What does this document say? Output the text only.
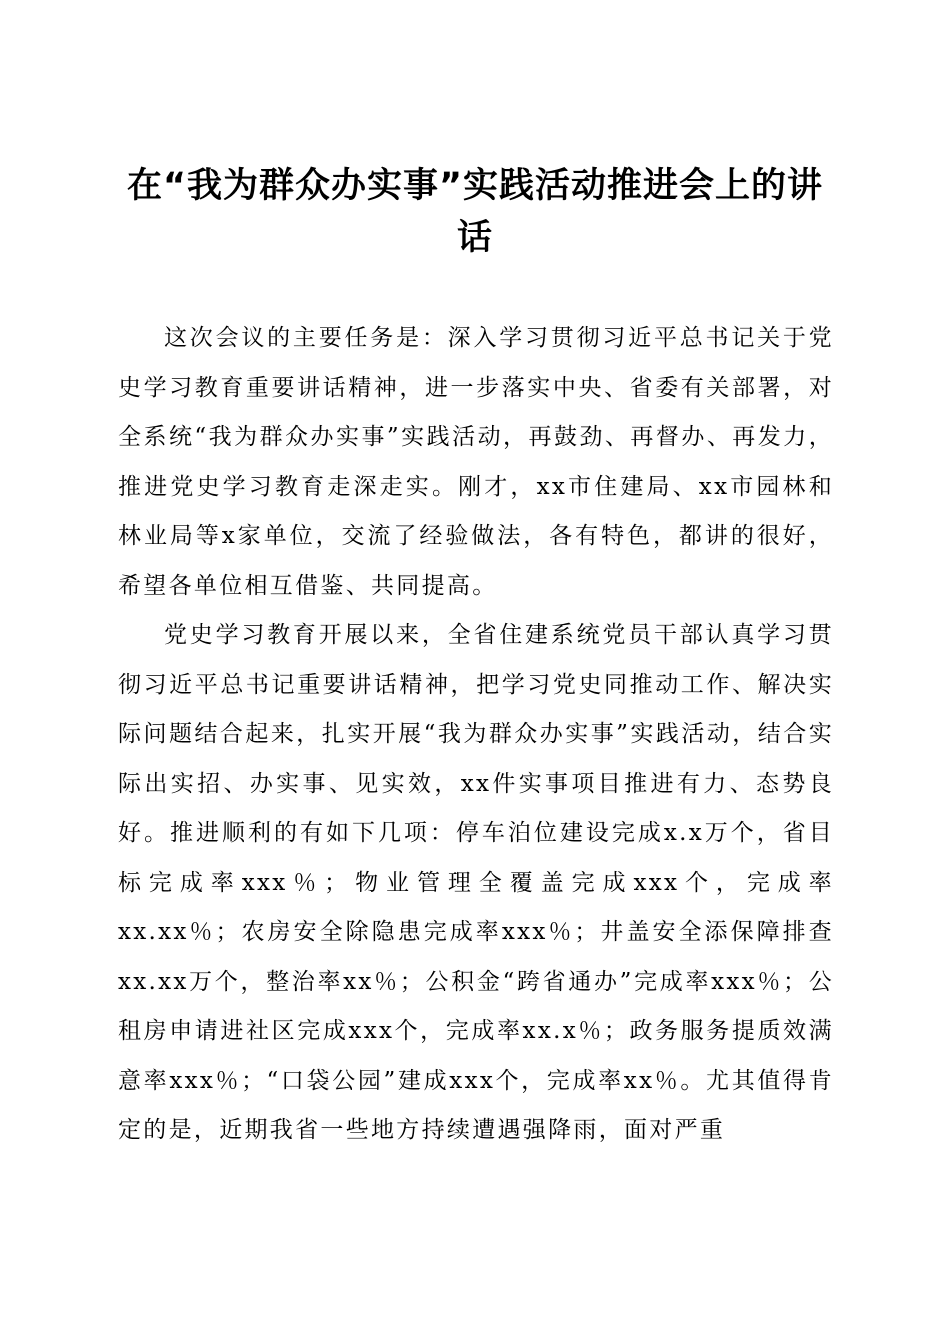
在“我为群众办实事”实践活动推进会上的讲话

这次会议的主要任务是：深入学习贯彻习近平总书记关于党史学习教育重要讲话精神，进一步落实中央、省委有关部署，对全系统“我为群众办实事”实践活动，再鼓劲、再督办、再发力，推进党史学习教育走深走实。刚才，xx市住建局、xx市园林和林业局等x家单位，交流了经验做法，各有特色，都讲的很好，希望各单位相互借鉴、共同提高。

党史学习教育开展以来，全省住建系统党员干部认真学习贯彻习近平总书记重要讲话精神，把学习党史同推动工作、解决实际问题结合起来，扎实开展“我为群众办实事”实践活动，结合实际出实招、办实事、见实效，xx件实事项目推进有力、态势良好。推进顺利的有如下几项：停车泊位建设完成x.x万个，省目标完成率xxx％；物业管理全覆盖完成xxx个，完成率xx.xx％；农房安全除隐患完成率xxx％；井盖安全添保障排查xx.xx万个，整治率xx％；公积金“跨省通办”完成率xxx％；公租房申请进社区完成xxx个，完成率xx.x％；政务服务提质效满意率xxx％；“口袋公园”建成xxx个，完成率xx％。尤其值得肯定的是，近期我省一些地方持续遭遇强降雨，面对严重
